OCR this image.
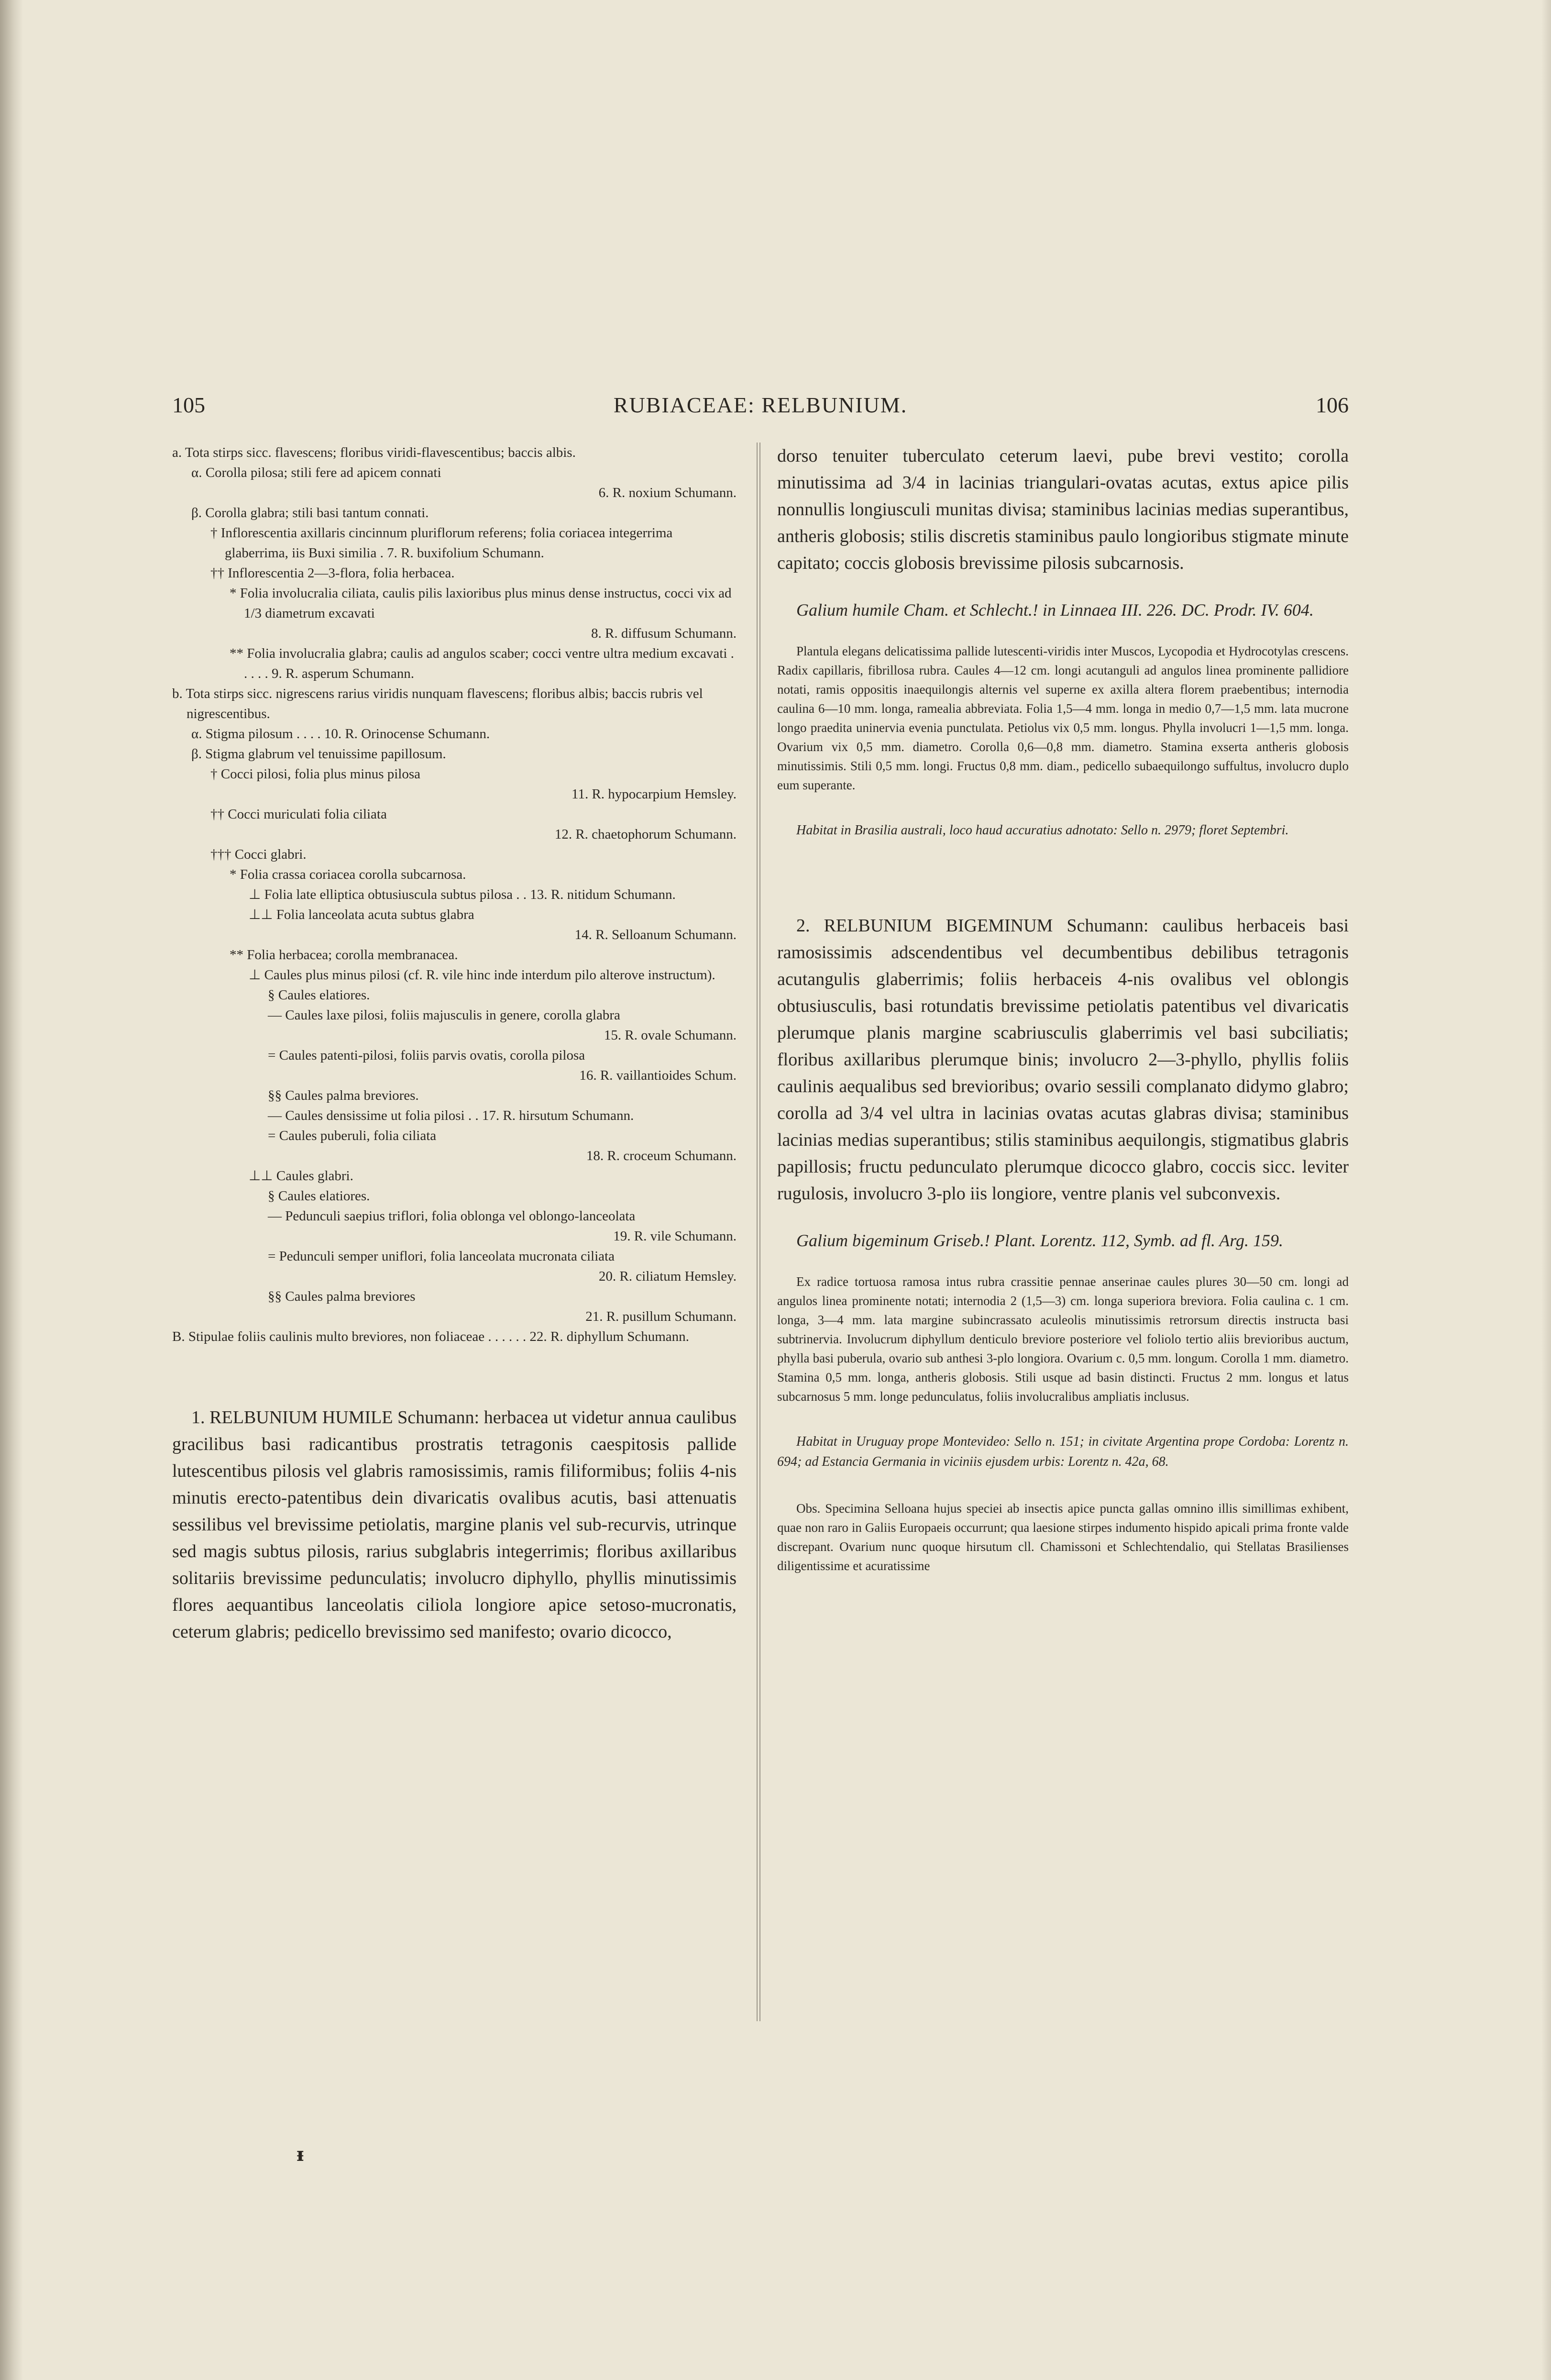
105	RUBIACEAE: RELBUNIUM.	106

a. Tota stirps sicc. flavescens; floribus viridi-flavescentibus; baccis albis.

α. Corolla pilosa; stili fere ad apicem connati

6. R. noxium Schumann.

β. Corolla glabra; stili basi tantum connati.

† Inflorescentia axillaris cincinnum pluriflorum referens; folia coriacea integerrima glaberrima, iis Buxi similia . 7. R. buxifolium Schumann.

†† Inflorescentia 2—3-flora, folia herbacea.

* Folia involucralia ciliata, caulis pilis laxioribus plus minus dense instructus, cocci vix ad 1/3 diametrum excavati

8. R. diffusum Schumann.

** Folia involucralia glabra; caulis ad angulos scaber; cocci ventre ultra medium excavati . . . . . 9. R. asperum Schumann.

b. Tota stirps sicc. nigrescens rarius viridis nunquam flavescens; floribus albis; baccis rubris vel nigrescentibus.

α. Stigma pilosum . . . . 10. R. Orinocense Schumann.

β. Stigma glabrum vel tenuissime papillosum.

† Cocci pilosi, folia plus minus pilosa

11. R. hypocarpium Hemsley.

†† Cocci muriculati folia ciliata

12. R. chaetophorum Schumann.

††† Cocci glabri.

* Folia crassa coriacea corolla subcarnosa.

⊥ Folia late elliptica obtusiuscula subtus pilosa . . 13. R. nitidum Schumann.

⊥⊥ Folia lanceolata acuta subtus glabra

14. R. Selloanum Schumann.

** Folia herbacea; corolla membranacea.

⊥ Caules plus minus pilosi (cf. R. vile hinc inde interdum pilo alterove instructum).

§ Caules elatiores.

— Caules laxe pilosi, foliis majusculis in genere, corolla glabra

15. R. ovale Schumann.

= Caules patenti-pilosi, foliis parvis ovatis, corolla pilosa

16. R. vaillantioides Schum.

§§ Caules palma breviores.

— Caules densissime ut folia pilosi . . 17. R. hirsutum Schumann.

= Caules puberuli, folia ciliata

18. R. croceum Schumann.

⊥⊥ Caules glabri.

§ Caules elatiores.

— Pedunculi saepius triflori, folia oblonga vel oblongo-lanceolata

19. R. vile Schumann.

= Pedunculi semper uniflori, folia lanceolata mucronata ciliata

20. R. ciliatum Hemsley.

§§ Caules palma breviores

21. R. pusillum Schumann.

B. Stipulae foliis caulinis multo breviores, non foliaceae . . . . . . 22. R. diphyllum Schumann.

1. RELBUNIUM HUMILE Schumann: herbacea ut videtur annua caulibus gracilibus basi radicantibus prostratis tetragonis caespitosis pallide lutescentibus pilosis vel glabris ramosissimis, ramis filiformibus; foliis 4-nis minutis erecto-patentibus dein divaricatis ovalibus acutis, basi attenuatis sessilibus vel brevissime petiolatis, margine planis vel sub-recurvis, utrinque sed magis subtus pilosis, rarius subglabris integerrimis; floribus axillaribus solitariis brevissime pedunculatis; involucro diphyllo, phyllis minutissimis flores aequantibus lanceolatis ciliola longiore apice setoso-mucronatis, ceterum glabris; pedicello brevissimo sed manifesto; ovario dicocco,

dorso tenuiter tuberculato ceterum laevi, pube brevi vestito; corolla minutissima ad 3/4 in lacinias triangulari-ovatas acutas, extus apice pilis nonnullis longiusculi munitas divisa; staminibus lacinias medias superantibus, antheris globosis; stilis discretis staminibus paulo longioribus stigmate minute capitato; coccis globosis brevissime pilosis subcarnosis.

Galium humile Cham. et Schlecht.! in Linnaea III. 226. DC. Prodr. IV. 604.

Plantula elegans delicatissima pallide lutescenti-viridis inter Muscos, Lycopodia et Hydrocotylas crescens. Radix capillaris, fibrillosa rubra. Caules 4—12 cm. longi acutanguli ad angulos linea prominente pallidiore notati, ramis oppositis inaequilongis alternis vel superne ex axilla altera florem praebentibus; internodia caulina 6—10 mm. longa, ramealia abbreviata. Folia 1,5—4 mm. longa in medio 0,7—1,5 mm. lata mucrone longo praedita uninervia evenia punctulata. Petiolus vix 0,5 mm. longus. Phylla involucri 1—1,5 mm. longa. Ovarium vix 0,5 mm. diametro. Corolla 0,6—0,8 mm. diametro. Stamina exserta antheris globosis minutissimis. Stili 0,5 mm. longi. Fructus 0,8 mm. diam., pedicello subaequilongo suffultus, involucro duplo eum superante.

Habitat in Brasilia australi, loco haud accuratius adnotato: Sello n. 2979; floret Septembri.

2. RELBUNIUM BIGEMINUM Schumann: caulibus herbaceis basi ramosissimis adscendentibus vel decumbentibus debilibus tetragonis acutangulis glaberrimis; foliis herbaceis 4-nis ovalibus vel oblongis obtusiusculis, basi rotundatis brevissime petiolatis patentibus vel divaricatis plerumque planis margine scabriusculis glaberrimis vel basi subciliatis; floribus axillaribus plerumque binis; involucro 2—3-phyllo, phyllis foliis caulinis aequalibus sed brevioribus; ovario sessili complanato didymo glabro; corolla ad 3/4 vel ultra in lacinias ovatas acutas glabras divisa; staminibus lacinias medias superantibus; stilis staminibus aequilongis, stigmatibus glabris papillosis; fructu pedunculato plerumque dicocco glabro, coccis sicc. leviter rugulosis, involucro 3-plo iis longiore, ventre planis vel subconvexis.

Galium bigeminum Griseb.! Plant. Lorentz. 112, Symb. ad fl. Arg. 159.

Ex radice tortuosa ramosa intus rubra crassitie pennae anserinae caules plures 30—50 cm. longi ad angulos linea prominente notati; internodia 2 (1,5—3) cm. longa superiora breviora. Folia caulina c. 1 cm. longa, 3—4 mm. lata margine subincrassato aculeolis minutissimis retrorsum directis instructa basi subtrinervia. Involucrum diphyllum denticulo breviore posteriore vel foliolo tertio aliis brevioribus auctum, phylla basi puberula, ovario sub anthesi 3-plo longiora. Ovarium c. 0,5 mm. longum. Corolla 1 mm. diametro. Stamina 0,5 mm. longa, antheris globosis. Stili usque ad basin distincti. Fructus 2 mm. longus et latus subcarnosus 5 mm. longe pedunculatus, foliis involucralibus ampliatis inclusus.

Habitat in Uruguay prope Montevideo: Sello n. 151; in civitate Argentina prope Cordoba: Lorentz n. 694; ad Estancia Germania in viciniis ejusdem urbis: Lorentz n. 42a, 68.

Obs. Specimina Selloana hujus speciei ab insectis apice puncta gallas omnino illis simillimas exhibent, quae non raro in Galiis Europaeis occurrunt; qua laesione stirpes indumento hispido apicali prima fronte valde discrepant. Ovarium nunc quoque hirsutum cll. Chamissoni et Schlechtendalio, qui Stellatas Brasilienses diligentissime et acuratissime

ᵻ
